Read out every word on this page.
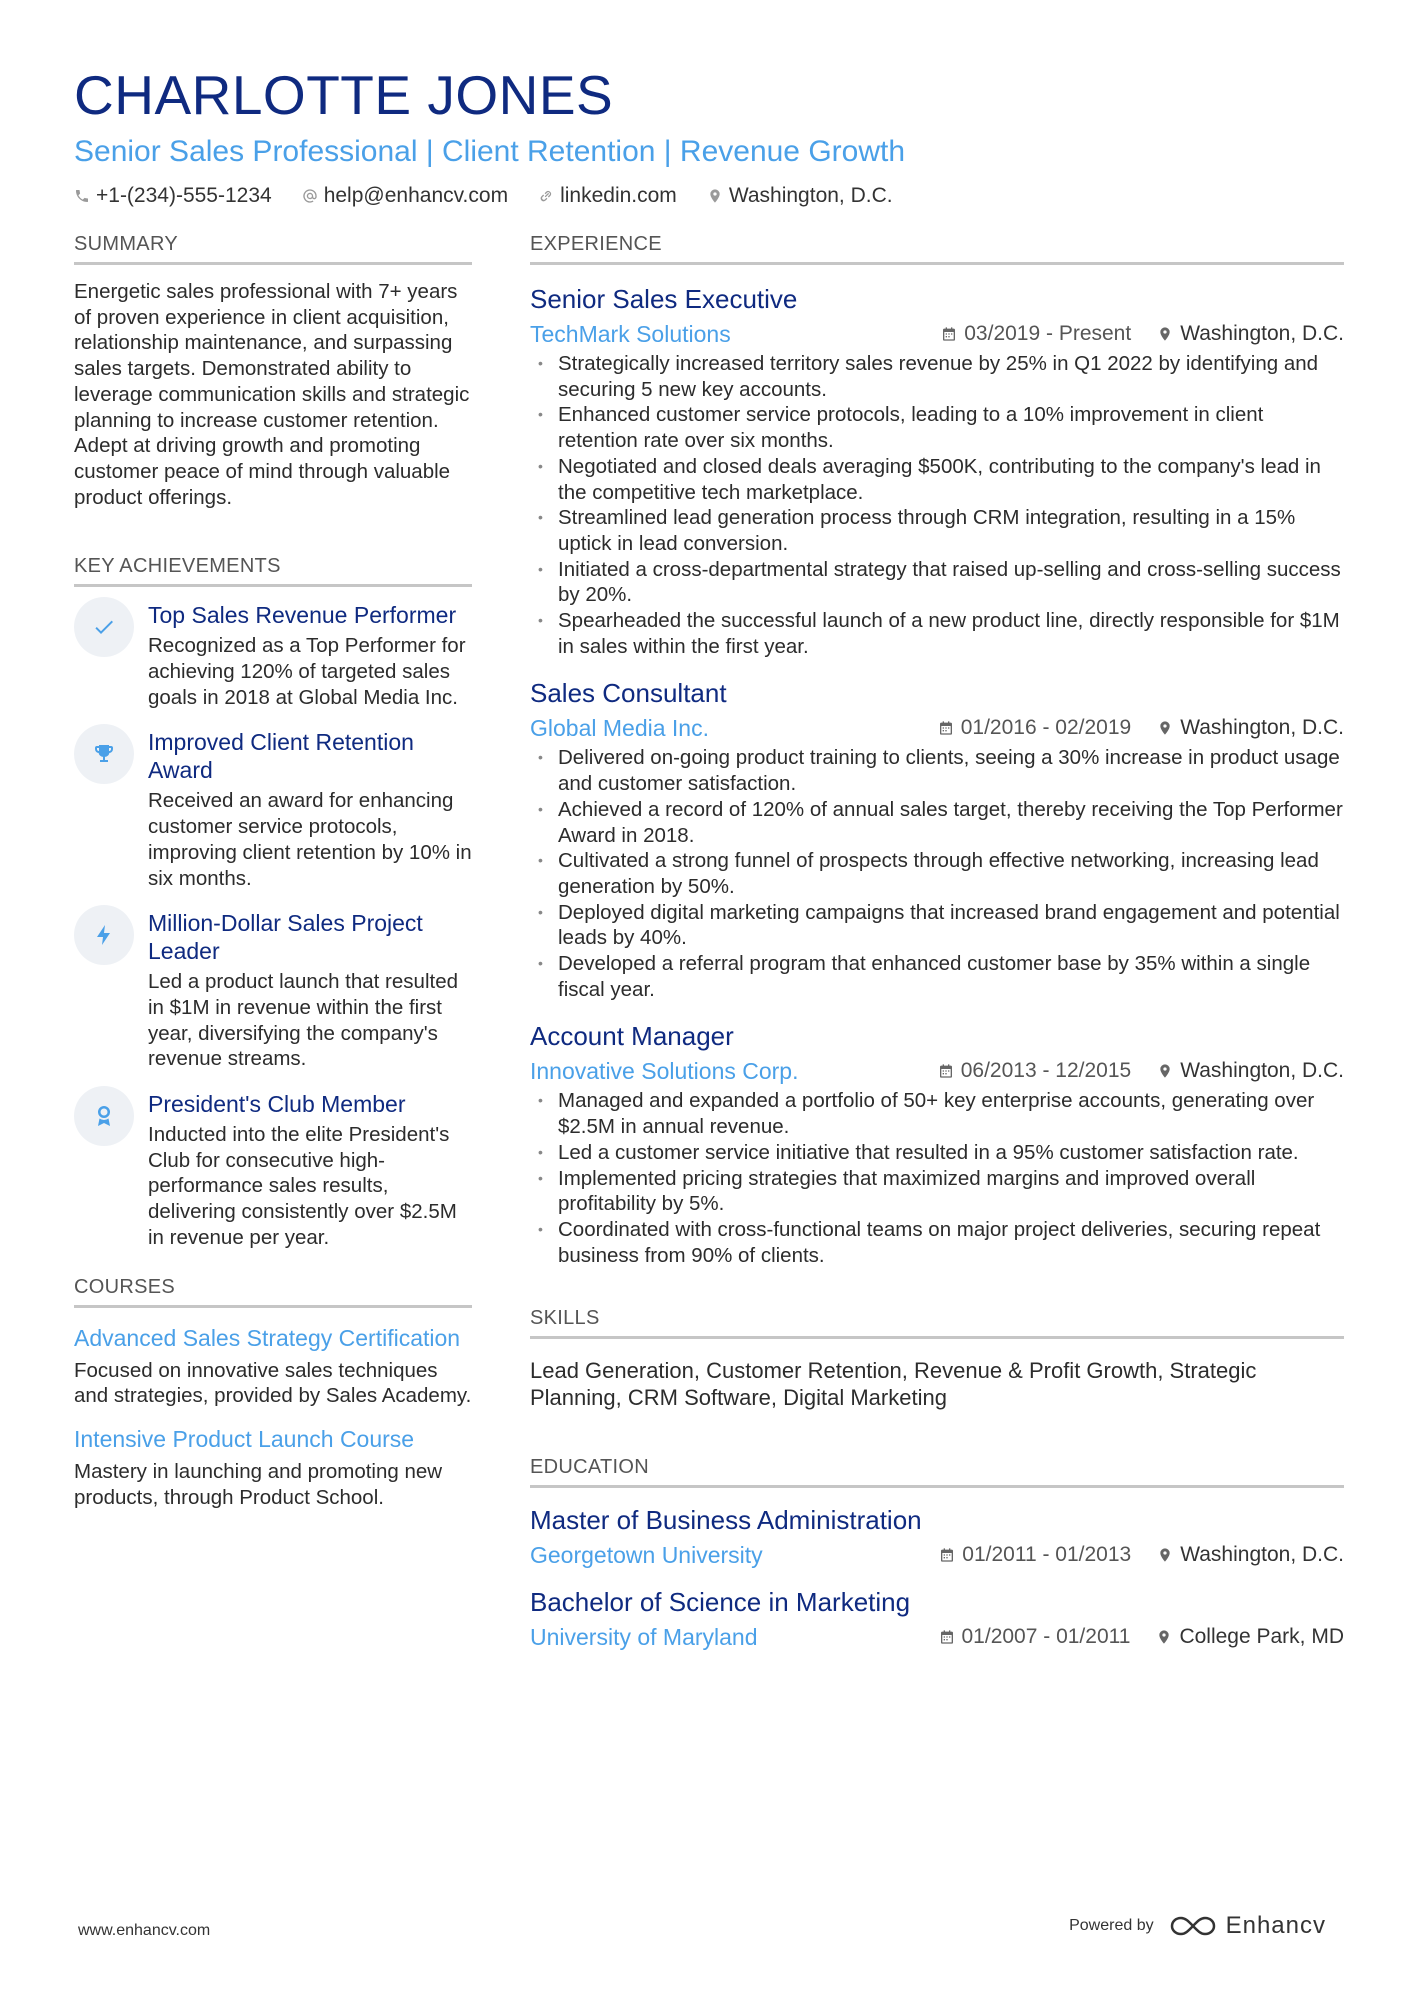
CHARLOTTE JONES
Senior Sales Professional | Client Retention | Revenue Growth
+1-(234)-555-1234 help@enhancv.com linkedin.com Washington, D.C.
SUMMARY
Energetic sales professional with 7+ years of proven experience in client acquisition, relationship maintenance, and surpassing sales targets. Demonstrated ability to leverage communication skills and strategic planning to increase customer retention. Adept at driving growth and promoting customer peace of mind through valuable product offerings.
KEY ACHIEVEMENTS
Top Sales Revenue Performer
Recognized as a Top Performer for achieving 120% of targeted sales goals in 2018 at Global Media Inc.
Improved Client Retention Award
Received an award for enhancing customer service protocols, improving client retention by 10% in six months.
Million-Dollar Sales Project Leader
Led a product launch that resulted in $1M in revenue within the first year, diversifying the company's revenue streams.
President's Club Member
Inducted into the elite President's Club for consecutive high-performance sales results, delivering consistently over $2.5M in revenue per year.
COURSES
Advanced Sales Strategy Certification
Focused on innovative sales techniques and strategies, provided by Sales Academy.
Intensive Product Launch Course
Mastery in launching and promoting new products, through Product School.
EXPERIENCE
Senior Sales Executive
TechMark Solutions	03/2019 - Present Washington, D.C.
• Strategically increased territory sales revenue by 25% in Q1 2022 by identifying and securing 5 new key accounts.
• Enhanced customer service protocols, leading to a 10% improvement in client retention rate over six months.
• Negotiated and closed deals averaging $500K, contributing to the company's lead in the competitive tech marketplace.
• Streamlined lead generation process through CRM integration, resulting in a 15% uptick in lead conversion.
• Initiated a cross-departmental strategy that raised up-selling and cross-selling success by 20%.
• Spearheaded the successful launch of a new product line, directly responsible for $1M in sales within the first year.
Sales Consultant
Global Media Inc.	01/2016 - 02/2019 Washington, D.C.
• Delivered on-going product training to clients, seeing a 30% increase in product usage and customer satisfaction.
• Achieved a record of 120% of annual sales target, thereby receiving the Top Performer Award in 2018.
• Cultivated a strong funnel of prospects through effective networking, increasing lead generation by 50%.
• Deployed digital marketing campaigns that increased brand engagement and potential leads by 40%.
• Developed a referral program that enhanced customer base by 35% within a single fiscal year.
Account Manager
Innovative Solutions Corp.	06/2013 - 12/2015 Washington, D.C.
• Managed and expanded a portfolio of 50+ key enterprise accounts, generating over $2.5M in annual revenue.
• Led a customer service initiative that resulted in a 95% customer satisfaction rate.
• Implemented pricing strategies that maximized margins and improved overall profitability by 5%.
• Coordinated with cross-functional teams on major project deliveries, securing repeat business from 90% of clients.
SKILLS
Lead Generation, Customer Retention, Revenue & Profit Growth, Strategic Planning, CRM Software, Digital Marketing
EDUCATION
Master of Business Administration
Georgetown University	01/2011 - 01/2013 Washington, D.C.
Bachelor of Science in Marketing
University of Maryland	01/2007 - 01/2011 College Park, MD
www.enhancv.com	Powered by	Enhancv
